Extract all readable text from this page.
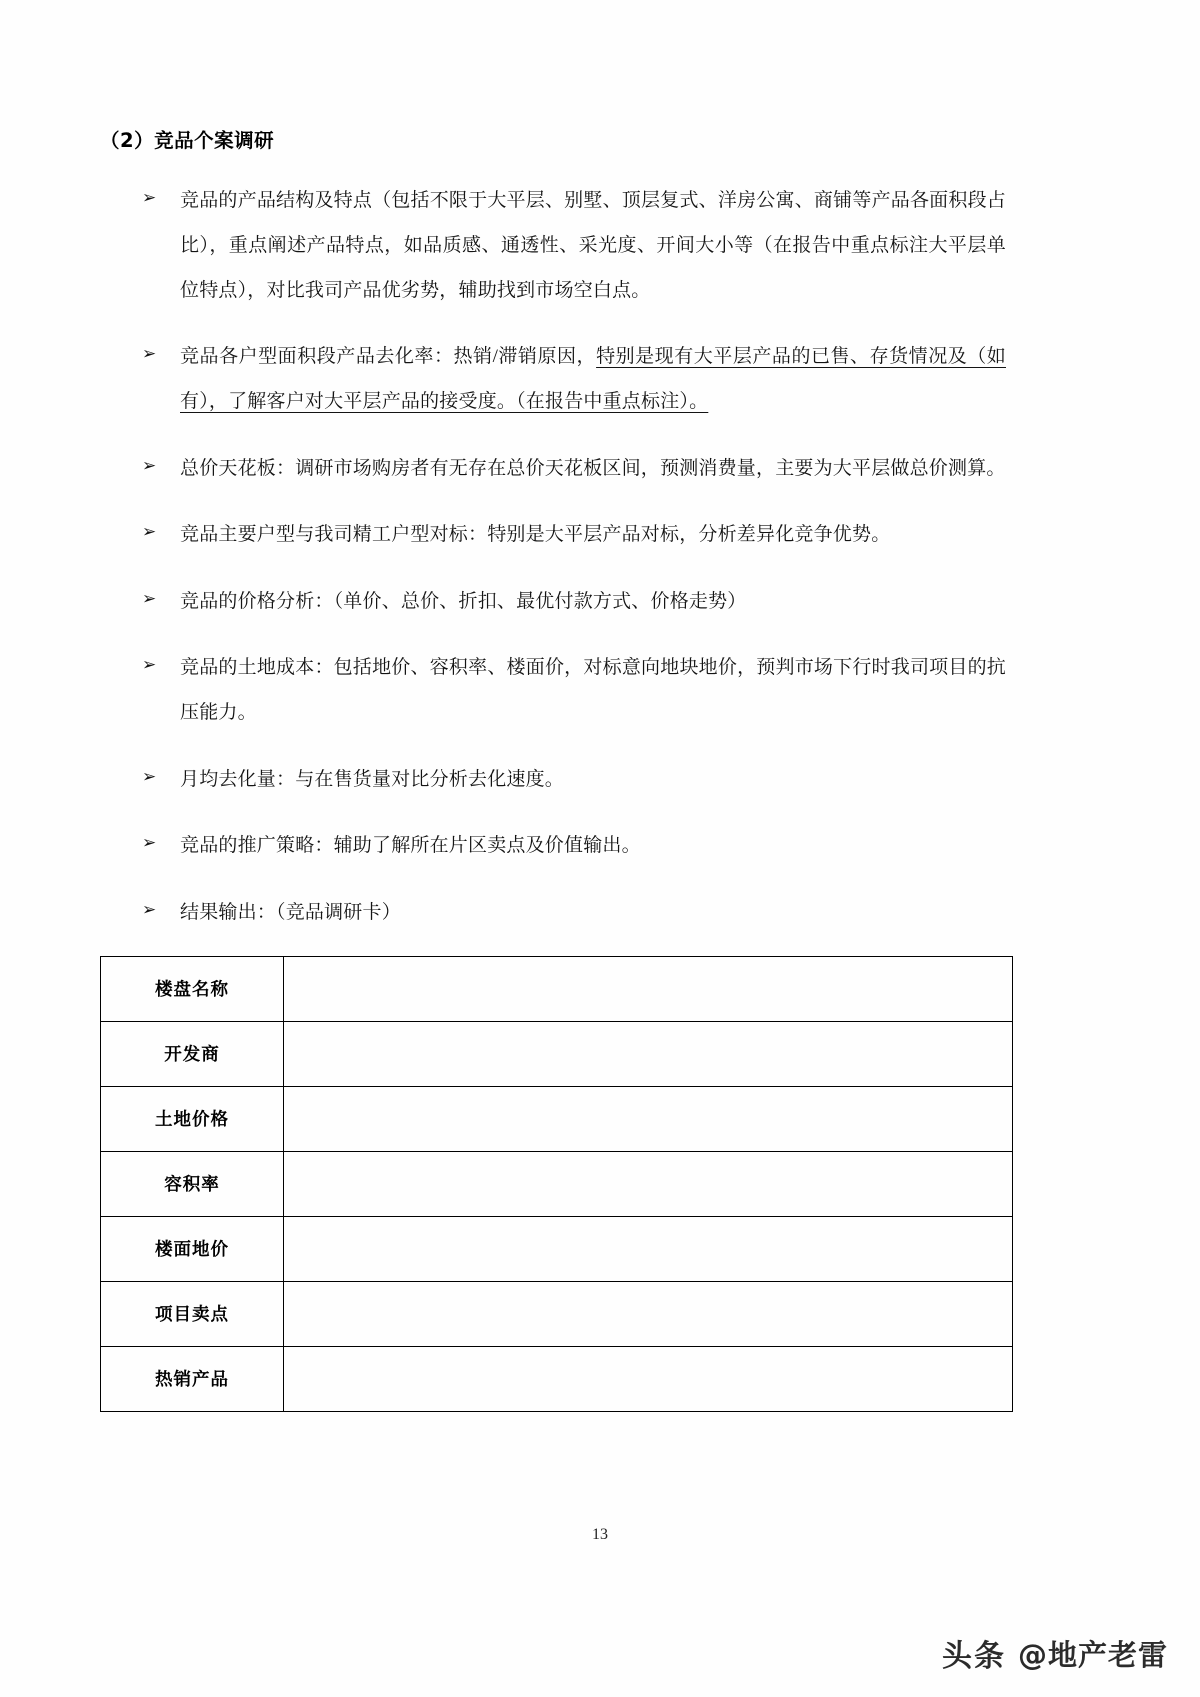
（2）竞品个案调研
➢ 竞品的产品结构及特点（包括不限于大平层、别墅、顶层复式、洋房公寓、商铺等产品各面积段占比），重点阐述产品特点，如品质感、通透性、采光度、开间大小等（在报告中重点标注大平层单位特点），对比我司产品优劣势，辅助找到市场空白点。
➢ 竞品各户型面积段产品去化率：热销/滞销原因，特别是现有大平层产品的已售、存货情况及（如有），了解客户对大平层产品的接受度。（在报告中重点标注）。
➢ 总价天花板：调研市场购房者有无存在总价天花板区间，预测消费量，主要为大平层做总价测算。
➢ 竞品主要户型与我司精工户型对标：特别是大平层产品对标，分析差异化竞争优势。
➢ 竞品的价格分析：（单价、总价、折扣、最优付款方式、价格走势）
➢ 竞品的土地成本：包括地价、容积率、楼面价，对标意向地块地价，预判市场下行时我司项目的抗压能力。
➢ 月均去化量：与在售货量对比分析去化速度。
➢ 竞品的推广策略：辅助了解所在片区卖点及价值输出。
➢ 结果输出：（竞品调研卡）
楼盘名称	
开发商	
土地价格	
容积率	
楼面地价	
项目卖点	
热销产品	
13
头条 @地产老雷
